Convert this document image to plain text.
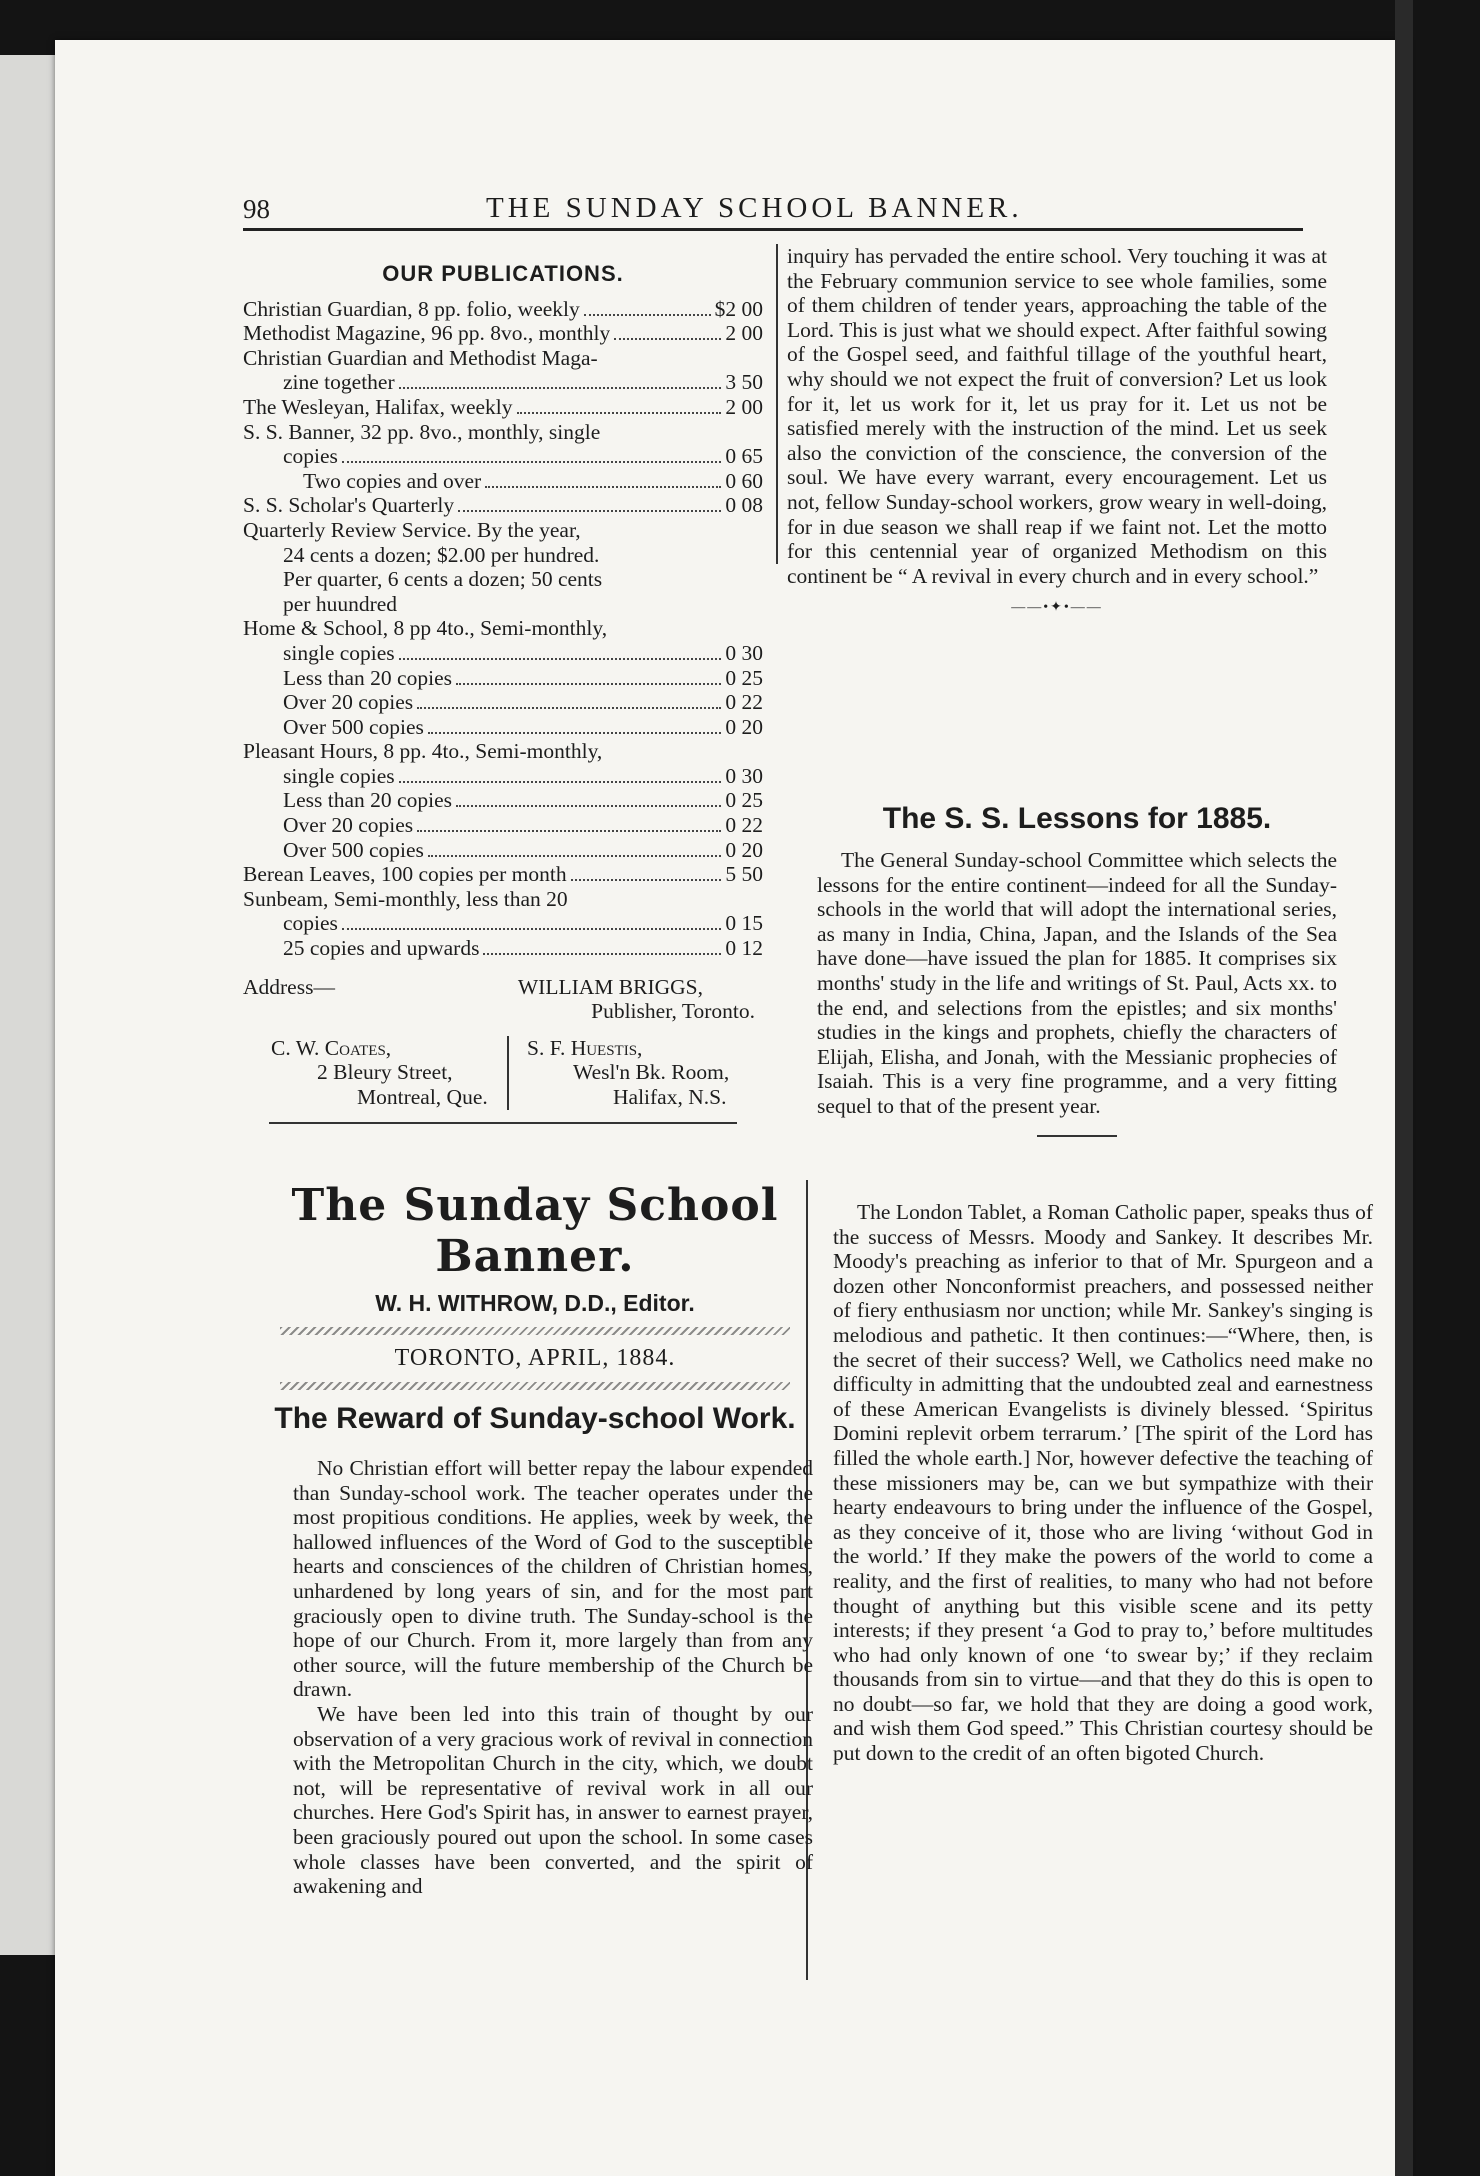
98	THE SUNDAY SCHOOL BANNER.
OUR PUBLICATIONS.
Christian Guardian, 8 pp. folio, weekly	$2 00
Methodist Magazine, 96 pp. 8vo., monthly	2 00
Christian Guardian and Methodist Maga-
zine together	3 50
The Wesleyan, Halifax, weekly	2 00
S. S. Banner, 32 pp. 8vo., monthly, single
copies	0 65
Two copies and over	0 60
S. S. Scholar's Quarterly	0 08
Quarterly Review Service. By the year,
24 cents a dozen; $2.00 per hundred.
Per quarter, 6 cents a dozen; 50 cents
per huundred
Home & School, 8 pp 4to., Semi-monthly,
single copies	0 30
Less than 20 copies	0 25
Over 20 copies	0 22
Over 500 copies	0 20
Pleasant Hours, 8 pp. 4to., Semi-monthly,
single copies	0 30
Less than 20 copies	0 25
Over 20 copies	0 22
Over 500 copies	0 20
Berean Leaves, 100 copies per month	5 50
Sunbeam, Semi-monthly, less than 20
copies	0 15
25 copies and upwards	0 12
Address—	WILLIAM BRIGGS,
Publisher, Toronto.
C. W. Coates,
2 Bleury Street,
Montreal, Que.
S. F. Huestis,
Wesl'n Bk. Room,
Halifax, N.S.
The Sunday School Banner.
W. H. WITHROW, D.D., Editor.
TORONTO, APRIL, 1884.
The Reward of Sunday-school Work.

No Christian effort will better repay the labour expended than Sunday-school work. The teacher operates under the most propitious conditions. He applies, week by week, the hallowed influences of the Word of God to the susceptible hearts and consciences of the children of Christian homes, unhardened by long years of sin, and for the most part graciously open to divine truth. The Sunday-school is the hope of our Church. From it, more largely than from any other source, will the future membership of the Church be drawn.

We have been led into this train of thought by our observation of a very gracious work of revival in connection with the Metropolitan Church in the city, which, we doubt not, will be representative of revival work in all our churches. Here God's Spirit has, in answer to earnest prayer, been graciously poured out upon the school. In some cases whole classes have been converted, and the spirit of awakening and

inquiry has pervaded the entire school. Very touching it was at the February communion service to see whole families, some of them children of tender years, approaching the table of the Lord. This is just what we should expect. After faithful sowing of the Gospel seed, and faithful tillage of the youthful heart, why should we not expect the fruit of conversion? Let us look for it, let us work for it, let us pray for it. Let us not be satisfied merely with the instruction of the mind. Let us seek also the conviction of the conscience, the conversion of the soul. We have every warrant, every encouragement. Let us not, fellow Sunday-school workers, grow weary in well-doing, for in due season we shall reap if we faint not. Let the motto for this centennial year of organized Methodism on this continent be “ A revival in every church and in every school.”

——•✦•——
The S. S. Lessons for 1885.

The General Sunday-school Committee which selects the lessons for the entire continent—indeed for all the Sunday-schools in the world that will adopt the international series, as many in India, China, Japan, and the Islands of the Sea have done—have issued the plan for 1885. It comprises six months' study in the life and writings of St. Paul, Acts xx. to the end, and selections from the epistles; and six months' studies in the kings and prophets, chiefly the characters of Elijah, Elisha, and Jonah, with the Messianic prophecies of Isaiah. This is a very fine programme, and a very fitting sequel to that of the present year.

The London Tablet, a Roman Catholic paper, speaks thus of the success of Messrs. Moody and Sankey. It describes Mr. Moody's preaching as inferior to that of Mr. Spurgeon and a dozen other Nonconformist preachers, and possessed neither of fiery enthusiasm nor unction; while Mr. Sankey's singing is melodious and pathetic. It then continues:—“Where, then, is the secret of their success? Well, we Catholics need make no difficulty in admitting that the undoubted zeal and earnestness of these American Evangelists is divinely blessed. ‘Spiritus Domini replevit orbem terrarum.’ [The spirit of the Lord has filled the whole earth.] Nor, however defective the teaching of these missioners may be, can we but sympathize with their hearty endeavours to bring under the influence of the Gospel, as they conceive of it, those who are living ‘without God in the world.’ If they make the powers of the world to come a reality, and the first of realities, to many who had not before thought of anything but this visible scene and its petty interests; if they present ‘a God to pray to,’ before multitudes who had only known of one ‘to swear by;’ if they reclaim thousands from sin to virtue—and that they do this is open to no doubt—so far, we hold that they are doing a good work, and wish them God speed.” This Christian courtesy should be put down to the credit of an often bigoted Church.
